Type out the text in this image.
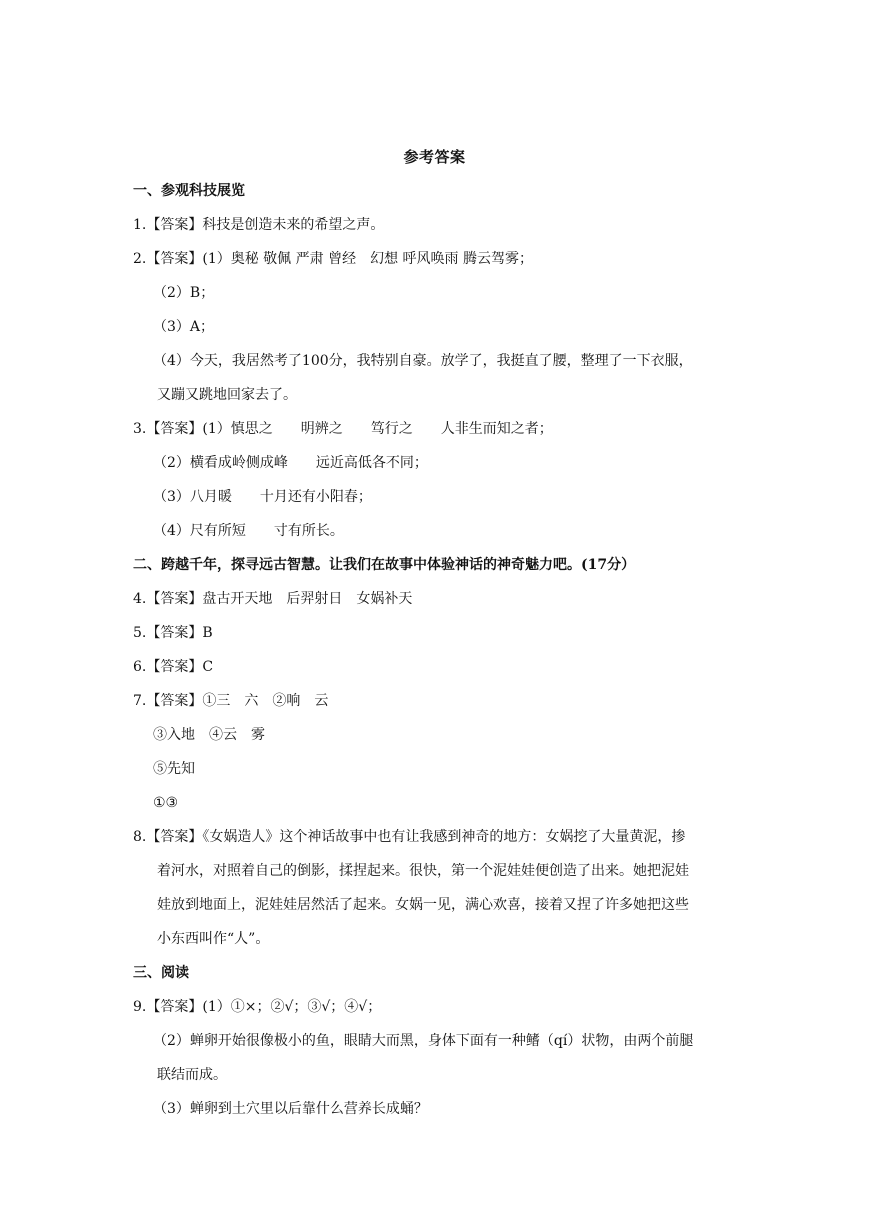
参考答案
一、参观科技展览
1.【答案】科技是创造未来的希望之声。
2.【答案】(1）奥秘 敬佩 严肃 曾经　幻想 呼风唤雨 腾云驾雾；
（2）B；
（3）A；
（4）今天，我居然考了100分，我特别自豪。放学了，我挺直了腰，整理了一下衣服，
又蹦又跳地回家去了。
3.【答案】(1）慎思之　　明辨之　　笃行之　　人非生而知之者；
（2）横看成岭侧成峰　　远近高低各不同；
（3）八月暖　　十月还有小阳春；
（4）尺有所短　　寸有所长。
二、跨越千年，探寻远古智慧。让我们在故事中体验神话的神奇魅力吧。(17分）
4.【答案】盘古开天地　后羿射日　女娲补天
5.【答案】B
6.【答案】C
7.【答案】①三　六　②响　云
③入地　④云　雾
⑤先知
①③
8.【答案】《女娲造人》这个神话故事中也有让我感到神奇的地方：女娲挖了大量黄泥，掺
着河水，对照着自己的倒影，揉捏起来。很快，第一个泥娃娃便创造了出来。她把泥娃
娃放到地面上，泥娃娃居然活了起来。女娲一见，满心欢喜，接着又捏了许多她把这些
小东西叫作“人”。
三、阅读
9.【答案】(1）①×；②√；③√；④√；
（2）蝉卵开始很像极小的鱼，眼睛大而黑，身体下面有一种鳍（qí）状物，由两个前腿
联结而成。
（3）蝉卵到土穴里以后靠什么营养长成蛹？
